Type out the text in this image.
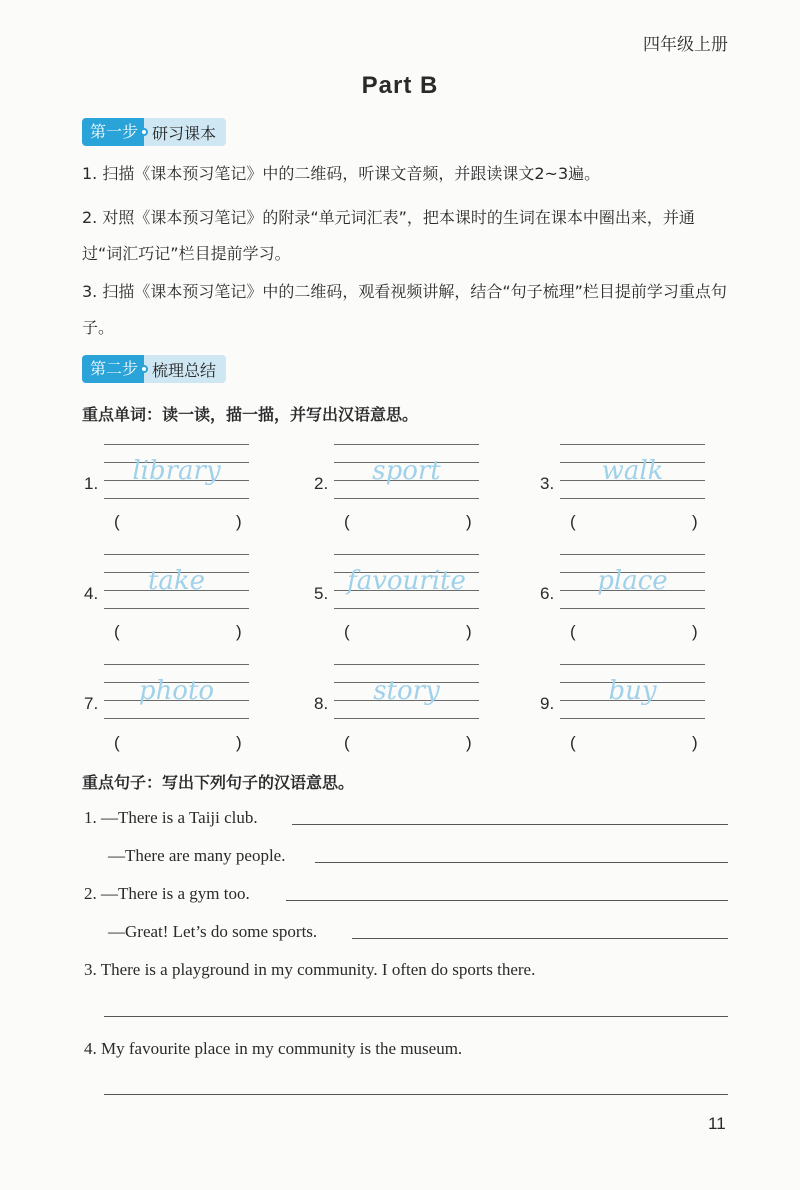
四年级上册
Part B
第一步 研习课本
1. 扫描《课本预习笔记》中的二维码，听课文音频，并跟读课文2~3遍。
2. 对照《课本预习笔记》的附录“单元词汇表”，把本课时的生词在课本中圈出来，并通过“词汇巧记”栏目提前学习。
3. 扫描《课本预习笔记》中的二维码，观看视频讲解，结合“句子梳理”栏目提前学习重点句子。
第二步 梳理总结
重点单词：读一读，描一描，并写出汉语意思。
1.	library
(	)
2.	sport
(	)
3.	walk
(	)
4.	take
(	)
5. favourite
(	)
6.	place
(	)
7.	photo
(	)
8.	story
(	)
9.	buy
(	)
重点句子：写出下列句子的汉语意思。
1. —There is a Taiji club.
—There are many people.
2. —There is a gym too.
—Great! Let’s do some sports.
3. There is a playground in my community. I often do sports there.
4. My favourite place in my community is the museum.
11
